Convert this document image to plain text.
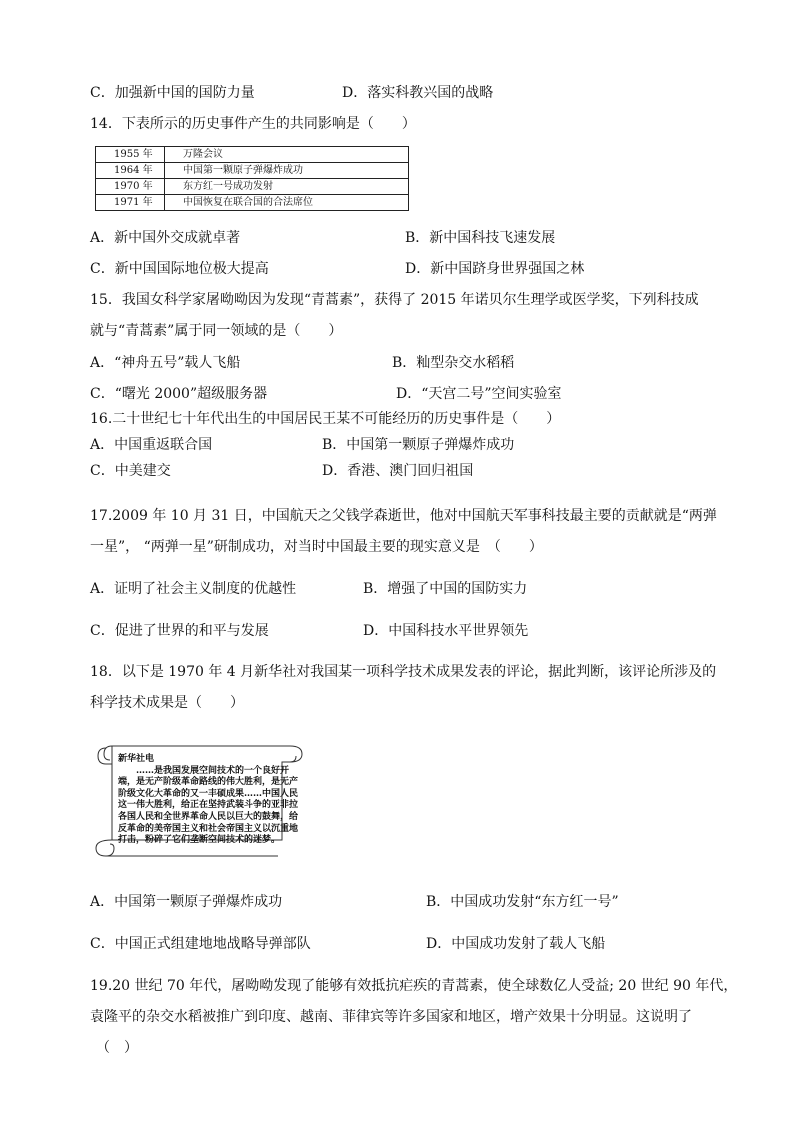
C．加强新中国的国防力量	D．落实科教兴国的战略
14．下表所示的历史事件产生的共同影响是（　　）
1955 年	万隆会议
1964 年	中国第一颗原子弹爆炸成功
1970 年	东方红一号成功发射
1971 年	中国恢复在联合国的合法席位
A．新中国外交成就卓著	B．新中国科技飞速发展
C．新中国国际地位极大提高	D．新中国跻身世界强国之林
15．我国女科学家屠呦呦因为发现“青蒿素”，获得了 2015 年诺贝尔生理学或医学奖，下列科技成
就与“青蒿素”属于同一领域的是（　　）
A．“神舟五号”载人飞船	B．籼型杂交水稻稻
C．“曙光 2000”超级服务器	D．“天宫二号”空间实验室
16.二十世纪七十年代出生的中国居民王某不可能经历的历史事件是（　　）
A．中国重返联合国	B．中国第一颗原子弹爆炸成功
C．中美建交	D．香港、澳门回归祖国
17.2009 年 10 月 31 日，中国航天之父钱学森逝世，他对中国航天军事科技最主要的贡献就是“两弹
一星”， “两弹一星”研制成功，对当时中国最主要的现实意义是　（　　）
A．证明了社会主义制度的优越性	B．增强了中国的国防实力
C．促进了世界的和平与发展	D．中国科技水平世界领先
18．以下是 1970 年 4 月新华社对我国某一项科学技术成果发表的评论，据此判断，该评论所涉及的
科学技术成果是（　　）
新华社电
……是我国发展空间技术的一个良好开端，是无产阶级革命路线的伟大胜利，是无产阶级文化大革命的又一丰硕成果……中国人民这一伟大胜利，给正在坚持武装斗争的亚非拉各国人民和全世界革命人民以巨大的鼓舞，给反革命的美帝国主义和社会帝国主义以沉重地打击，粉碎了它们垄断空间技术的迷梦。
A．中国第一颗原子弹爆炸成功	B．中国成功发射“东方红一号”
C．中国正式组建地地战略导弹部队	D．中国成功发射了载人飞船
19.20 世纪 70 年代，屠呦呦发现了能够有效抵抗疟疾的青蒿素，使全球数亿人受益; 20 世纪 90 年代，
袁隆平的杂交水稻被推广到印度、越南、菲律宾等许多国家和地区，增产效果十分明显。这说明了
（　）
